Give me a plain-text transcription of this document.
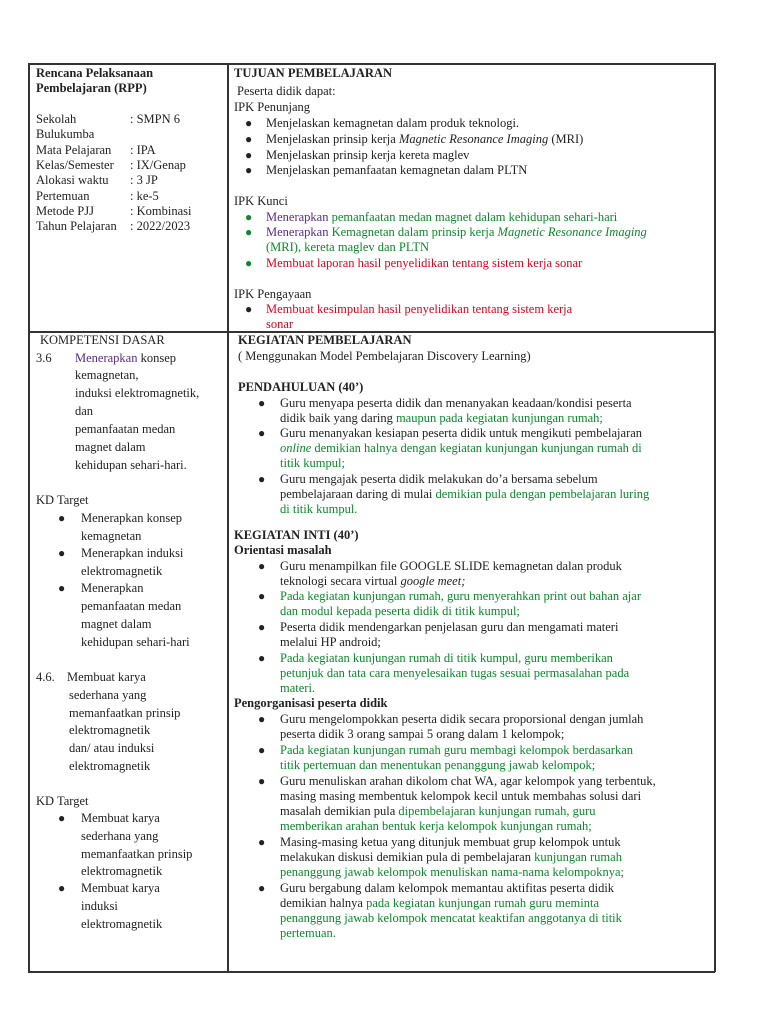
Rencana Pelaksanaan
Pembelajaran (RPP)
Sekolah	: SMPN 6
Bulukumba
Mata Pelajaran : IPA
Kelas/Semester : IX/Genap
Alokasi waktu : 3 JP
Pertemuan	: ke-5
Metode PJJ	: Kombinasi
Tahun Pelajaran : 2022/2023
TUJUAN PEMBELAJARAN
Peserta didik dapat:
IPK Penunjang
● Menjelaskan kemagnetan dalam produk teknologi.
● Menjelaskan prinsip kerja Magnetic Resonance Imaging (MRI)
● Menjelaskan prinsip kerja kereta maglev
● Menjelaskan pemanfaatan kemagnetan dalam PLTN
IPK Kunci
● Menerapkan pemanfaatan medan magnet dalam kehidupan sehari-hari
● Menerapkan Kemagnetan dalam prinsip kerja Magnetic Resonance Imaging
(MRI), kereta maglev dan PLTN
● Membuat laporan hasil penyelidikan tentang sistem kerja sonar
IPK Pengayaan
● Membuat kesimpulan hasil penyelidikan tentang sistem kerja
sonar
KOMPETENSI DASAR
3.6 Menerapkan konsep
kemagnetan,
induksi elektromagnetik,
dan
pemanfaatan medan
magnet dalam
kehidupan sehari-hari.
KD Target
● Menerapkan konsep
kemagnetan
● Menerapkan induksi
elektromagnetik
● Menerapkan
pemanfaatan medan
magnet dalam
kehidupan sehari-hari
4.6. Membuat karya
sederhana yang
memanfaatkan prinsip
elektromagnetik
dan/ atau induksi
elektromagnetik
KD Target
● Membuat karya
sederhana yang
memanfaatkan prinsip
elektromagnetik
● Membuat karya
induksi
elektromagnetik
KEGIATAN PEMBELAJARAN
( Menggunakan Model Pembelajaran Discovery Learning)
PENDAHULUAN (40’)
● Guru menyapa peserta didik dan menanyakan keadaan/kondisi peserta
didik baik yang daring maupun pada kegiatan kunjungan rumah;
● Guru menanyakan kesiapan peserta didik untuk mengikuti pembelajaran
online demikian halnya dengan kegiatan kunjungan kunjungan rumah di
titik kumpul;
● Guru mengajak peserta didik melakukan do’a bersama sebelum
pembelajaraan daring di mulai demikian pula dengan pembelajaran luring
di titik kumpul.
KEGIATAN INTI (40’)
Orientasi masalah
● Guru menampilkan file GOOGLE SLIDE kemagnetan dalan produk
teknologi secara virtual google meet;
● Pada kegiatan kunjungan rumah, guru menyerahkan print out bahan ajar
dan modul kepada peserta didik di titik kumpul;
● Peserta didik mendengarkan penjelasan guru dan mengamati materi
melalui HP android;
● Pada kegiatan kunjungan rumah di titik kumpul, guru memberikan
petunjuk dan tata cara menyelesaikan tugas sesuai permasalahan pada
materi.
Pengorganisasi peserta didik
● Guru mengelompokkan peserta didik secara proporsional dengan jumlah
peserta didik 3 orang sampai 5 orang dalam 1 kelompok;
● Pada kegiatan kunjungan rumah guru membagi kelompok berdasarkan
titik pertemuan dan menentukan penanggung jawab kelompok;
● Guru menuliskan arahan dikolom chat WA, agar kelompok yang terbentuk,
masing masing membentuk kelompok kecil untuk membahas solusi dari
masalah demikian pula dipembelajaran kunjungan rumah, guru
memberikan arahan bentuk kerja kelompok kunjungan rumah;
● Masing-masing ketua yang ditunjuk membuat grup kelompok untuk
melakukan diskusi demikian pula di pembelajaran kunjungan rumah
penanggung jawab kelompok menuliskan nama-nama kelompoknya;
● Guru bergabung dalam kelompok memantau aktifitas peserta didik
demikian halnya pada kegiatan kunjungan rumah guru meminta
penanggung jawab kelompok mencatat keaktifan anggotanya di titik
pertemuan.
